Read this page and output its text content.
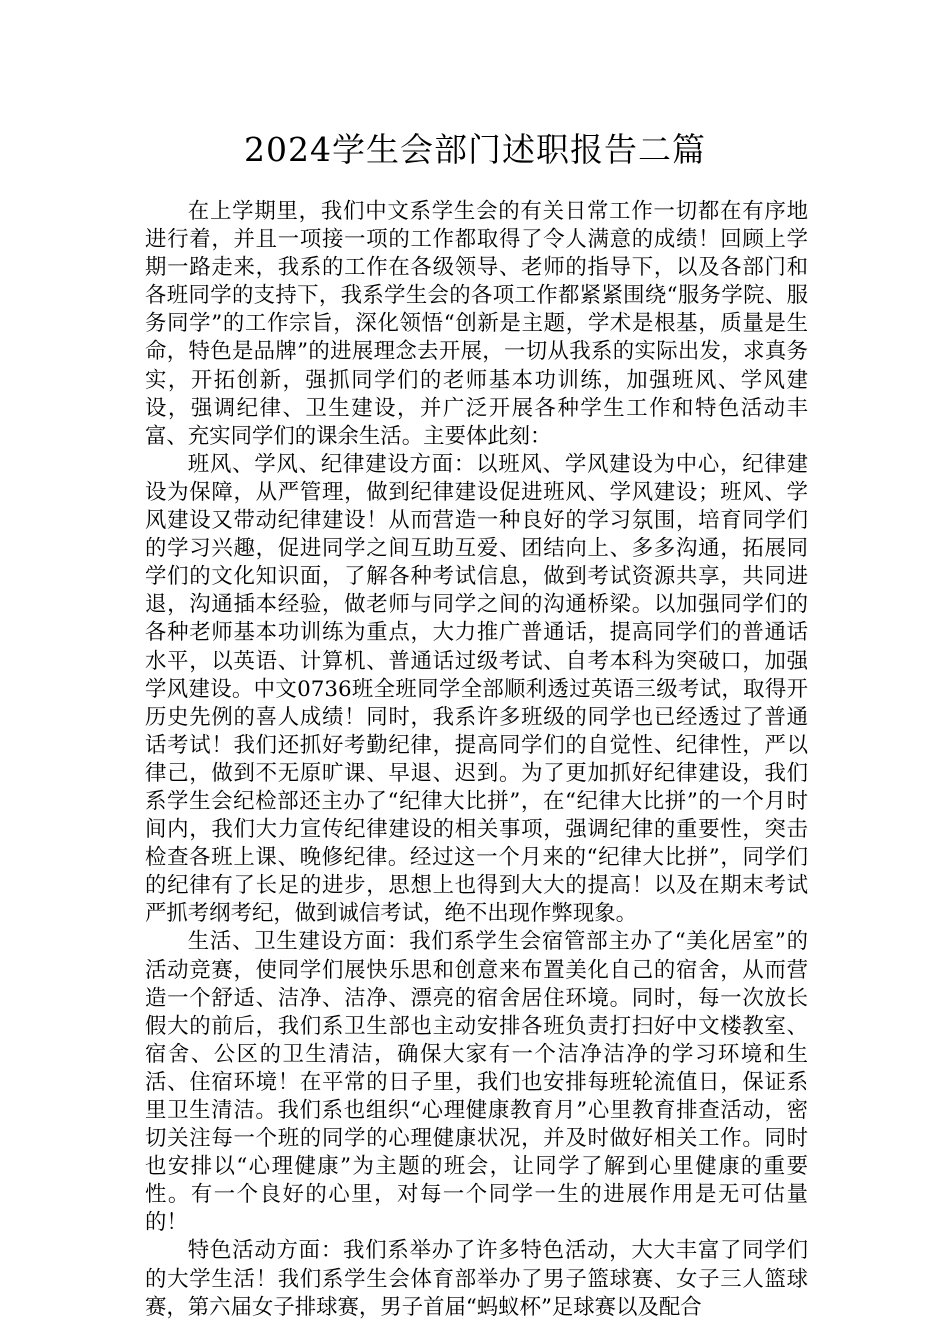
2024学生会部门述职报告二篇

在上学期里，我们中文系学生会的有关日常工作一切都在有序地进行着，并且一项接一项的工作都取得了令人满意的成绩！回顾上学期一路走来，我系的工作在各级领导、老师的指导下，以及各部门和各班同学的支持下，我系学生会的各项工作都紧紧围绕“服务学院、服务同学”的工作宗旨，深化领悟“创新是主题，学术是根基，质量是生命，特色是品牌”的进展理念去开展，一切从我系的实际出发，求真务实，开拓创新，强抓同学们的老师基本功训练，加强班风、学风建设，强调纪律、卫生建设，并广泛开展各种学生工作和特色活动丰富、充实同学们的课余生活。主要体此刻：

班风、学风、纪律建设方面：以班风、学风建设为中心，纪律建设为保障，从严管理，做到纪律建设促进班风、学风建设；班风、学风建设又带动纪律建设！从而营造一种良好的学习氛围，培育同学们的学习兴趣，促进同学之间互助互爱、团结向上、多多沟通，拓展同学们的文化知识面，了解各种考试信息，做到考试资源共享，共同进退，沟通插本经验，做老师与同学之间的沟通桥梁。以加强同学们的各种老师基本功训练为重点，大力推广普通话，提高同学们的普通话水平，以英语、计算机、普通话过级考试、自考本科为突破口，加强学风建设。中文0736班全班同学全部顺利透过英语三级考试，取得开历史先例的喜人成绩！同时，我系许多班级的同学也已经透过了普通话考试！我们还抓好考勤纪律，提高同学们的自觉性、纪律性，严以律己，做到不无原旷课、早退、迟到。为了更加抓好纪律建设，我们系学生会纪检部还主办了“纪律大比拼”，在“纪律大比拼”的一个月时间内，我们大力宣传纪律建设的相关事项，强调纪律的重要性，突击检查各班上课、晚修纪律。经过这一个月来的“纪律大比拼”，同学们的纪律有了长足的进步，思想上也得到大大的提高！以及在期末考试严抓考纲考纪，做到诚信考试，绝不出现作弊现象。

生活、卫生建设方面：我们系学生会宿管部主办了“美化居室”的活动竞赛，使同学们展快乐思和创意来布置美化自己的宿舍，从而营造一个舒适、洁净、洁净、漂亮的宿舍居住环境。同时，每一次放长假大的前后，我们系卫生部也主动安排各班负责打扫好中文楼教室、宿舍、公区的卫生清洁，确保大家有一个洁净洁净的学习环境和生活、住宿环境！在平常的日子里，我们也安排每班轮流值日，保证系里卫生清洁。我们系也组织“心理健康教育月”心里教育排查活动，密切关注每一个班的同学的心理健康状况，并及时做好相关工作。同时也安排以“心理健康”为主题的班会，让同学了解到心里健康的重要性。有一个良好的心里，对每一个同学一生的进展作用是无可估量的！

特色活动方面：我们系举办了许多特色活动，大大丰富了同学们的大学生活！我们系学生会体育部举办了男子篮球赛、女子三人篮球赛，第六届女子排球赛，男子首届“蚂蚁杯”足球赛以及配合
